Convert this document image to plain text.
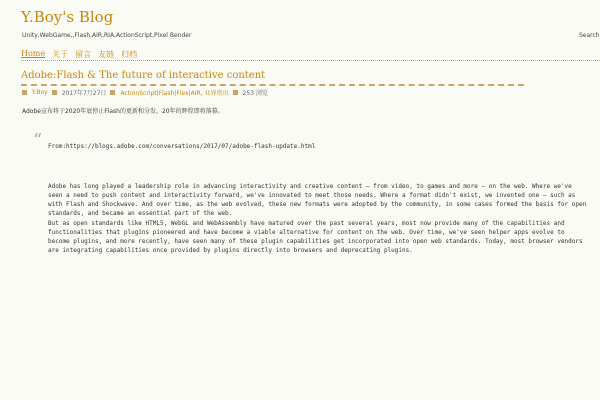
Y.Boy's Blog
Unity,WebGame,,Flash,AIR,RIA,ActionScript,Pixel Bender	Search
Home 关于 留言 友链 归档
Adobe:Flash & The future of interactive content
Y.Boy 2017年7月27日 ActionScript|Flash|Flex|AIR, 业界资讯 253 浏览
Adobe宣布将于2020年底停止Flash的更新和分发，20年的辉煌即将落幕。
“ From:https://blogs.adobe.com/conversations/2017/07/adobe-flash-update.html

Adobe has long played a leadership role in advancing interactivity and creative content – from video, to games and more – on the web. Where we've seen a need to push content and interactivity forward, we've innovated to meet those needs. Where a format didn't exist, we invented one – such as with Flash and Shockwave. And over time, as the web evolved, these new formats were adopted by the community, in some cases formed the basis for open standards, and became an essential part of the web.

But as open standards like HTML5, WebGL and WebAssembly have matured over the past several years, most now provide many of the capabilities and functionalities that plugins pioneered and have become a viable alternative for content on the web. Over time, we've seen helper apps evolve to become plugins, and more recently, have seen many of these plugin capabilities get incorporated into open web standards. Today, most browser vendors are integrating capabilities once provided by plugins directly into browsers and deprecating plugins.
